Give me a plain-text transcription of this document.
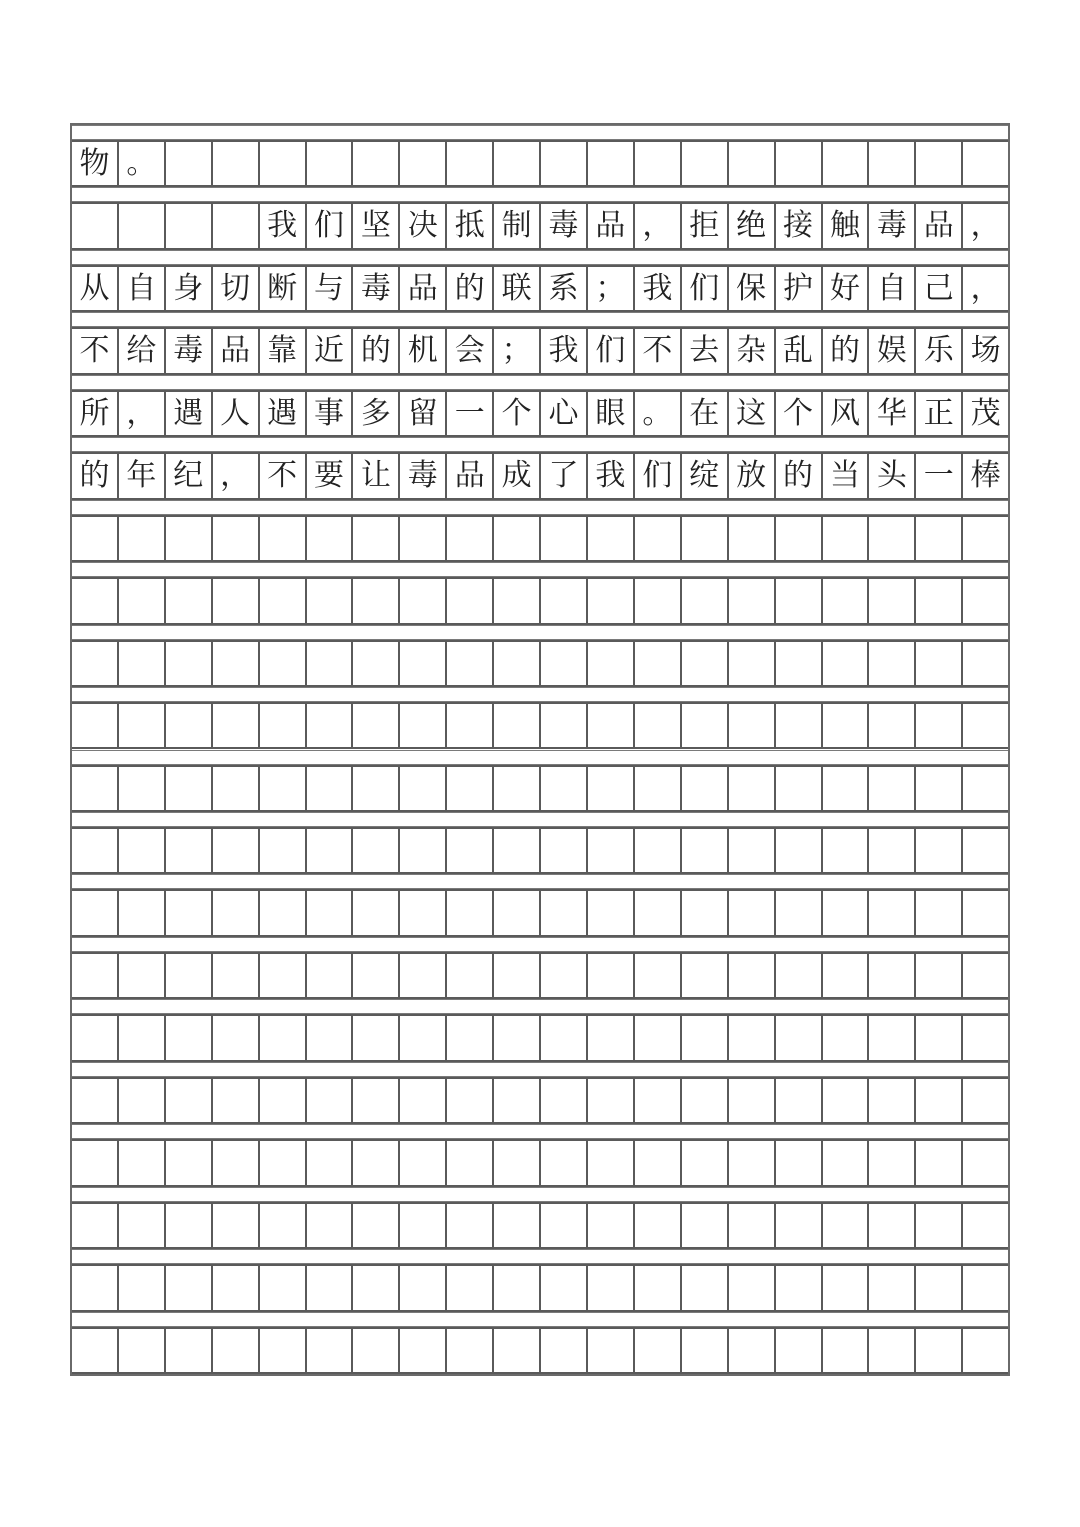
物 。
我 们 坚 决 抵 制 毒 品 ， 拒 绝 接 触 毒 品 ，
从 自 身 切 断 与 毒 品 的 联 系 ； 我 们 保 护 好 自 己 ，
不 给 毒 品 靠 近 的 机 会 ； 我 们 不 去 杂 乱 的 娱 乐 场
所 ， 遇 人 遇 事 多 留 一 个 心 眼 。 在 这 个 风 华 正 茂
的 年 纪 ， 不 要 让 毒 品 成 了 我 们 绽 放 的 当 头 一 棒
